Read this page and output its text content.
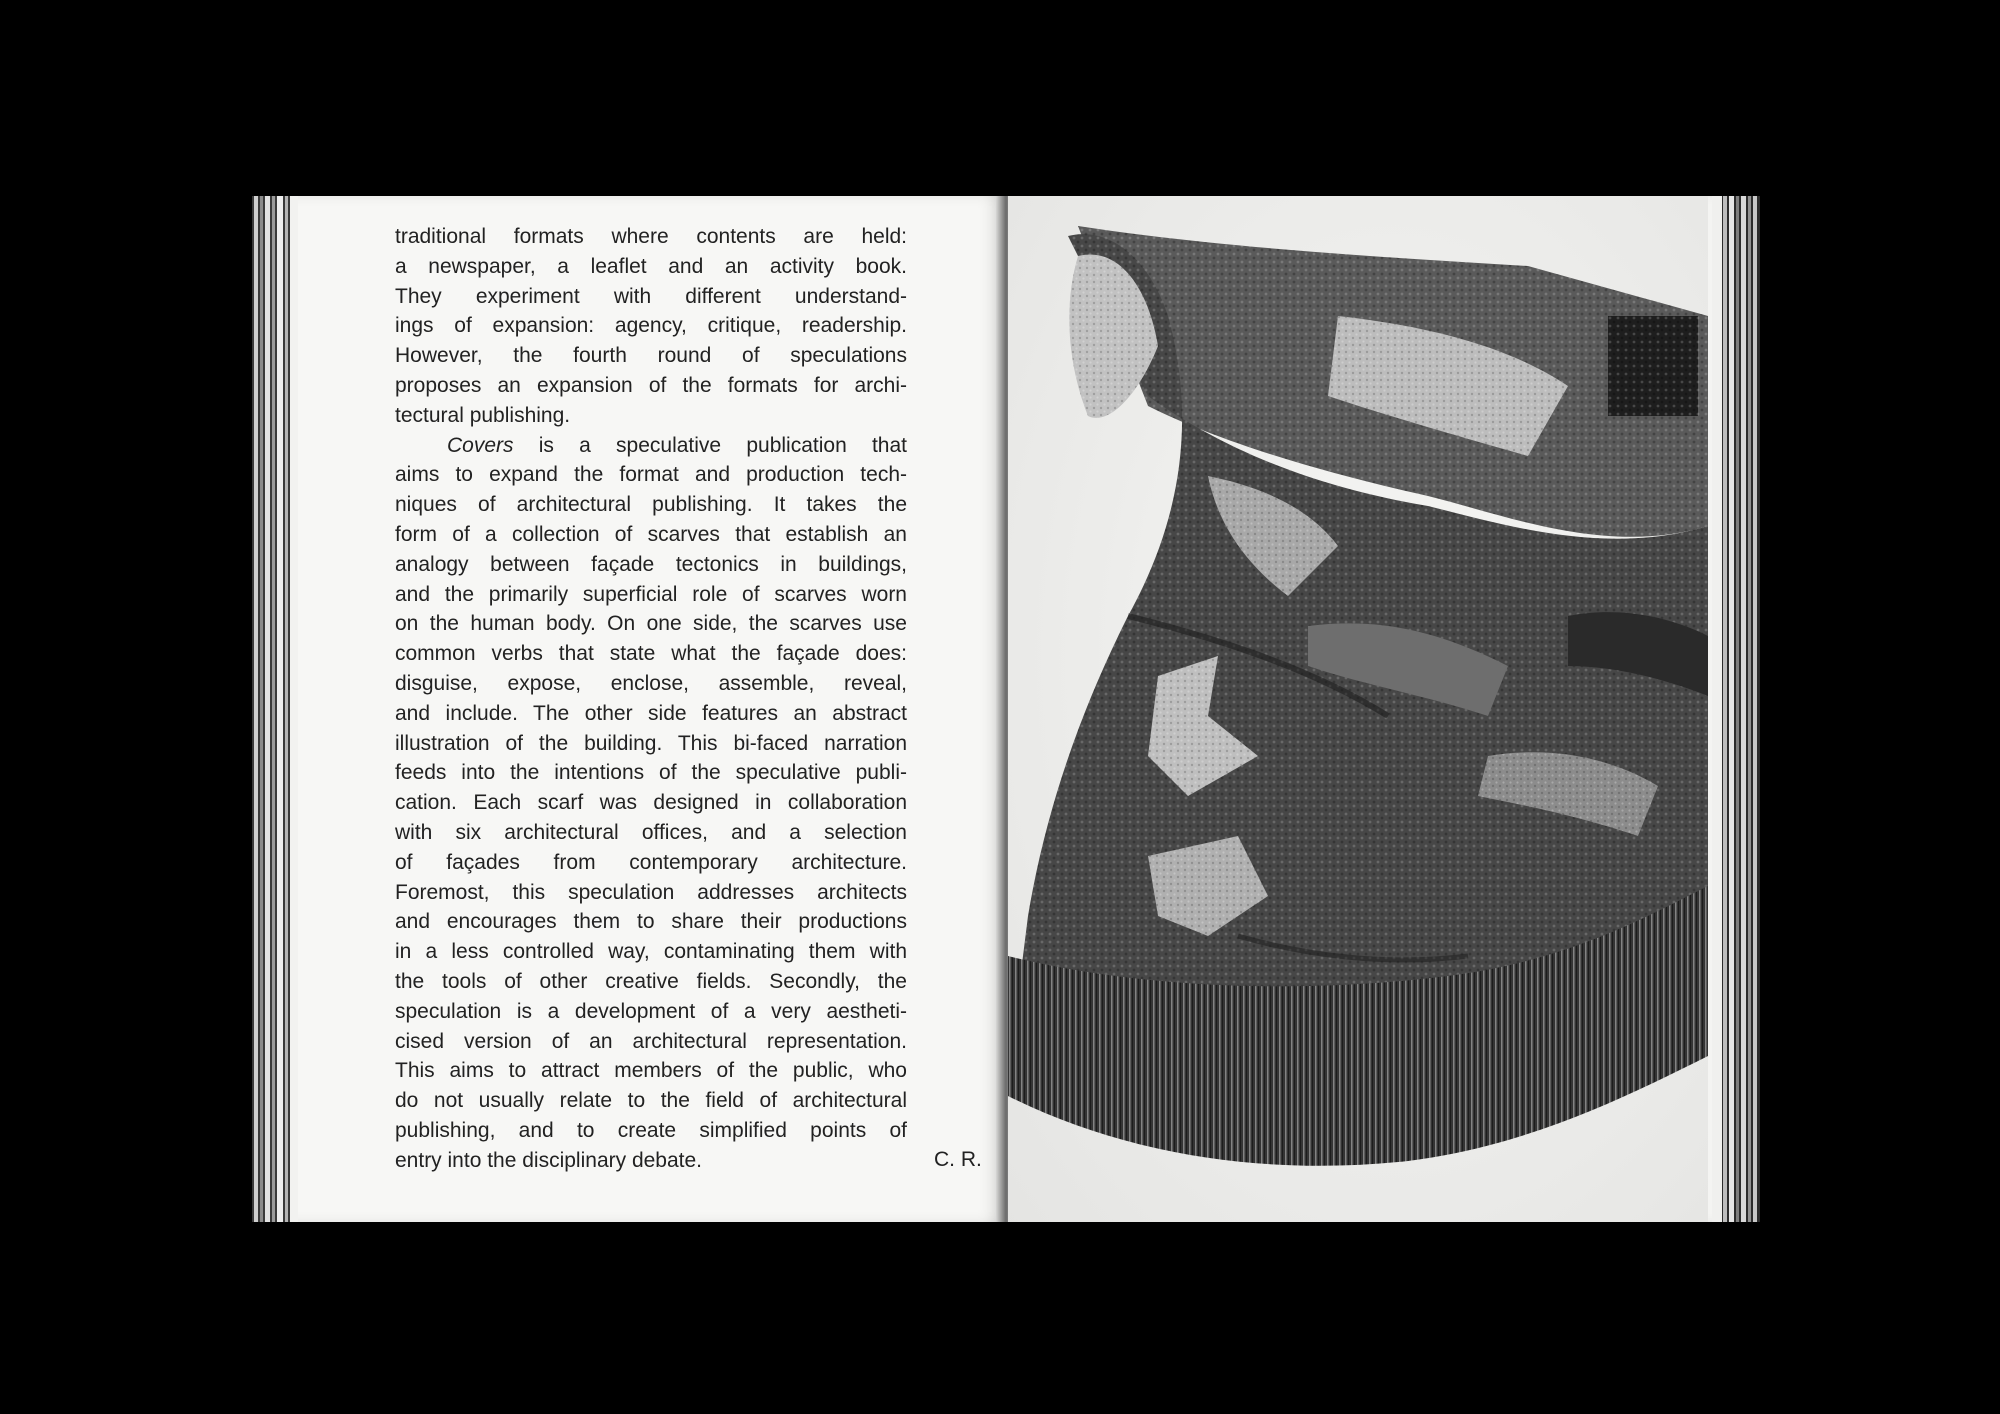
traditional formats where contents are held:
a newspaper, a leaflet and an activity book.
They experiment with different understand-
ings of expansion: agency, critique, readership.
However, the fourth round of speculations
proposes an expansion of the formats for archi-
tectural publishing.
Covers is a speculative publication that
aims to expand the format and production tech-
niques of architectural publishing. It takes the
form of a collection of scarves that establish an
analogy between façade tectonics in buildings,
and the primarily superficial role of scarves worn
on the human body. On one side, the scarves use
common verbs that state what the façade does:
disguise, expose, enclose, assemble, reveal,
and include. The other side features an abstract
illustration of the building. This bi-faced narration
feeds into the intentions of the speculative publi-
cation. Each scarf was designed in collaboration
with six architectural offices, and a selection
of façades from contemporary architecture.
Foremost, this speculation addresses architects
and encourages them to share their productions
in a less controlled way, contaminating them with
the tools of other creative fields. Secondly, the
speculation is a development of a very aestheti-
cised version of an architectural representation.
This aims to attract members of the public, who
do not usually relate to the field of architectural
publishing, and to create simplified points of
entry into the disciplinary debate.	C. R.
